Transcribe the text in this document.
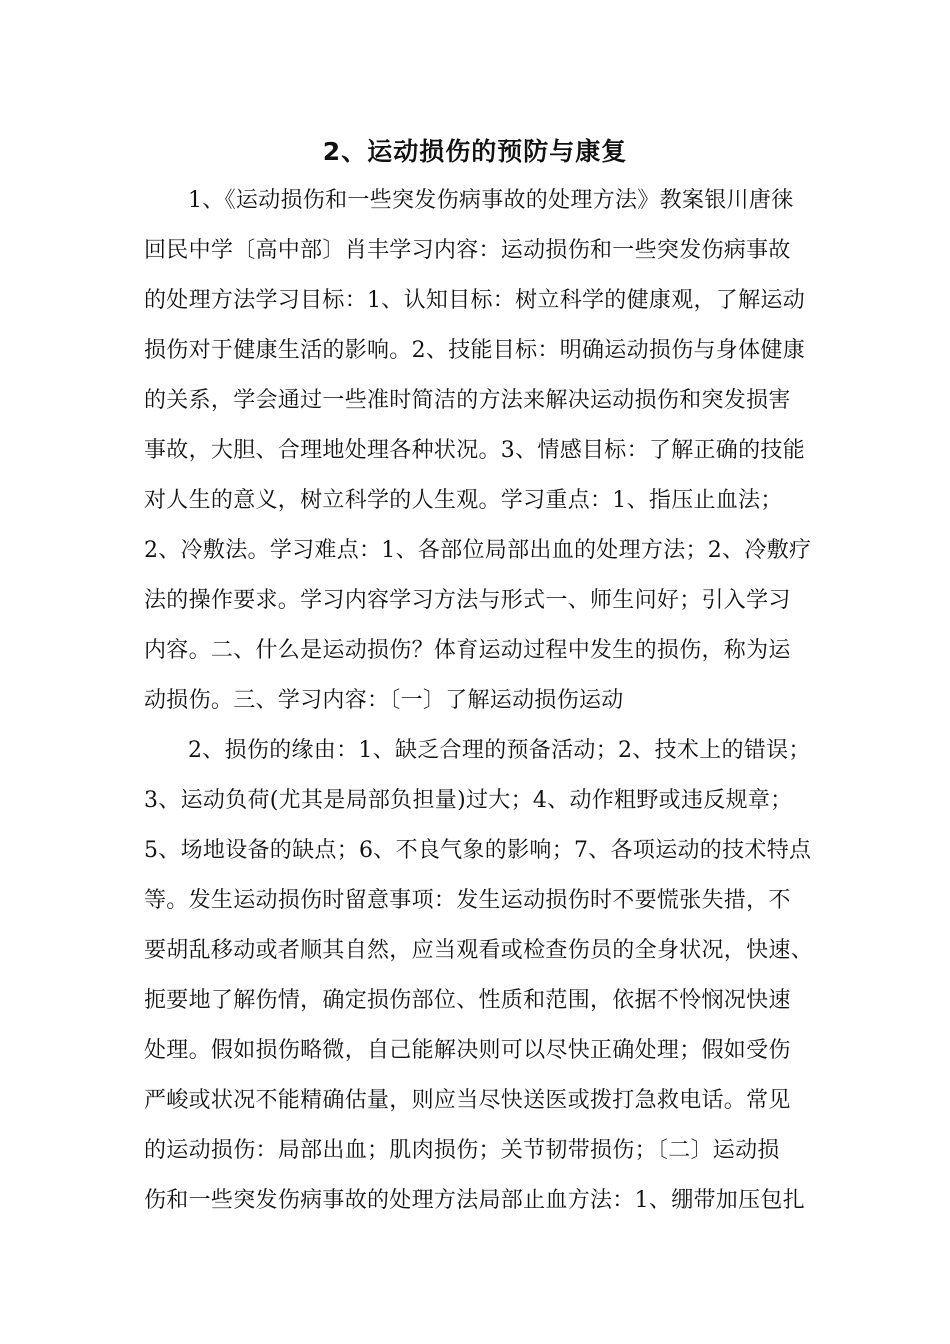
2、运动损伤的预防与康复
1、《运动损伤和一些突发伤病事故的处理方法》教案银川唐徕
回民中学〔高中部〕肖丰学习内容：运动损伤和一些突发伤病事故
的处理方法学习目标：1、认知目标：树立科学的健康观，了解运动
损伤对于健康生活的影响。2、技能目标：明确运动损伤与身体健康
的关系，学会通过一些准时简洁的方法来解决运动损伤和突发损害
事故，大胆、合理地处理各种状况。3、情感目标：了解正确的技能
对人生的意义，树立科学的人生观。学习重点：1、指压止血法；
2、冷敷法。学习难点：1、各部位局部出血的处理方法；2、冷敷疗
法的操作要求。学习内容学习方法与形式一、师生问好；引入学习
内容。二、什么是运动损伤？体育运动过程中发生的损伤，称为运
动损伤。三、学习内容：〔一〕了解运动损伤运动
2、损伤的缘由：1、缺乏合理的预备活动；2、技术上的错误；
3、运动负荷(尤其是局部负担量)过大；4、动作粗野或违反规章；
5、场地设备的缺点；6、不良气象的影响；7、各项运动的技术特点
等。发生运动损伤时留意事项：发生运动损伤时不要慌张失措，不
要胡乱移动或者顺其自然，应当观看或检查伤员的全身状况，快速、
扼要地了解伤情，确定损伤部位、性质和范围，依据不怜悯况快速
处理。假如损伤略微，自己能解决则可以尽快正确处理；假如受伤
严峻或状况不能精确估量，则应当尽快送医或拨打急救电话。常见
的运动损伤：局部出血；肌肉损伤；关节韧带损伤；〔二〕运动损
伤和一些突发伤病事故的处理方法局部止血方法：1、绷带加压包扎
